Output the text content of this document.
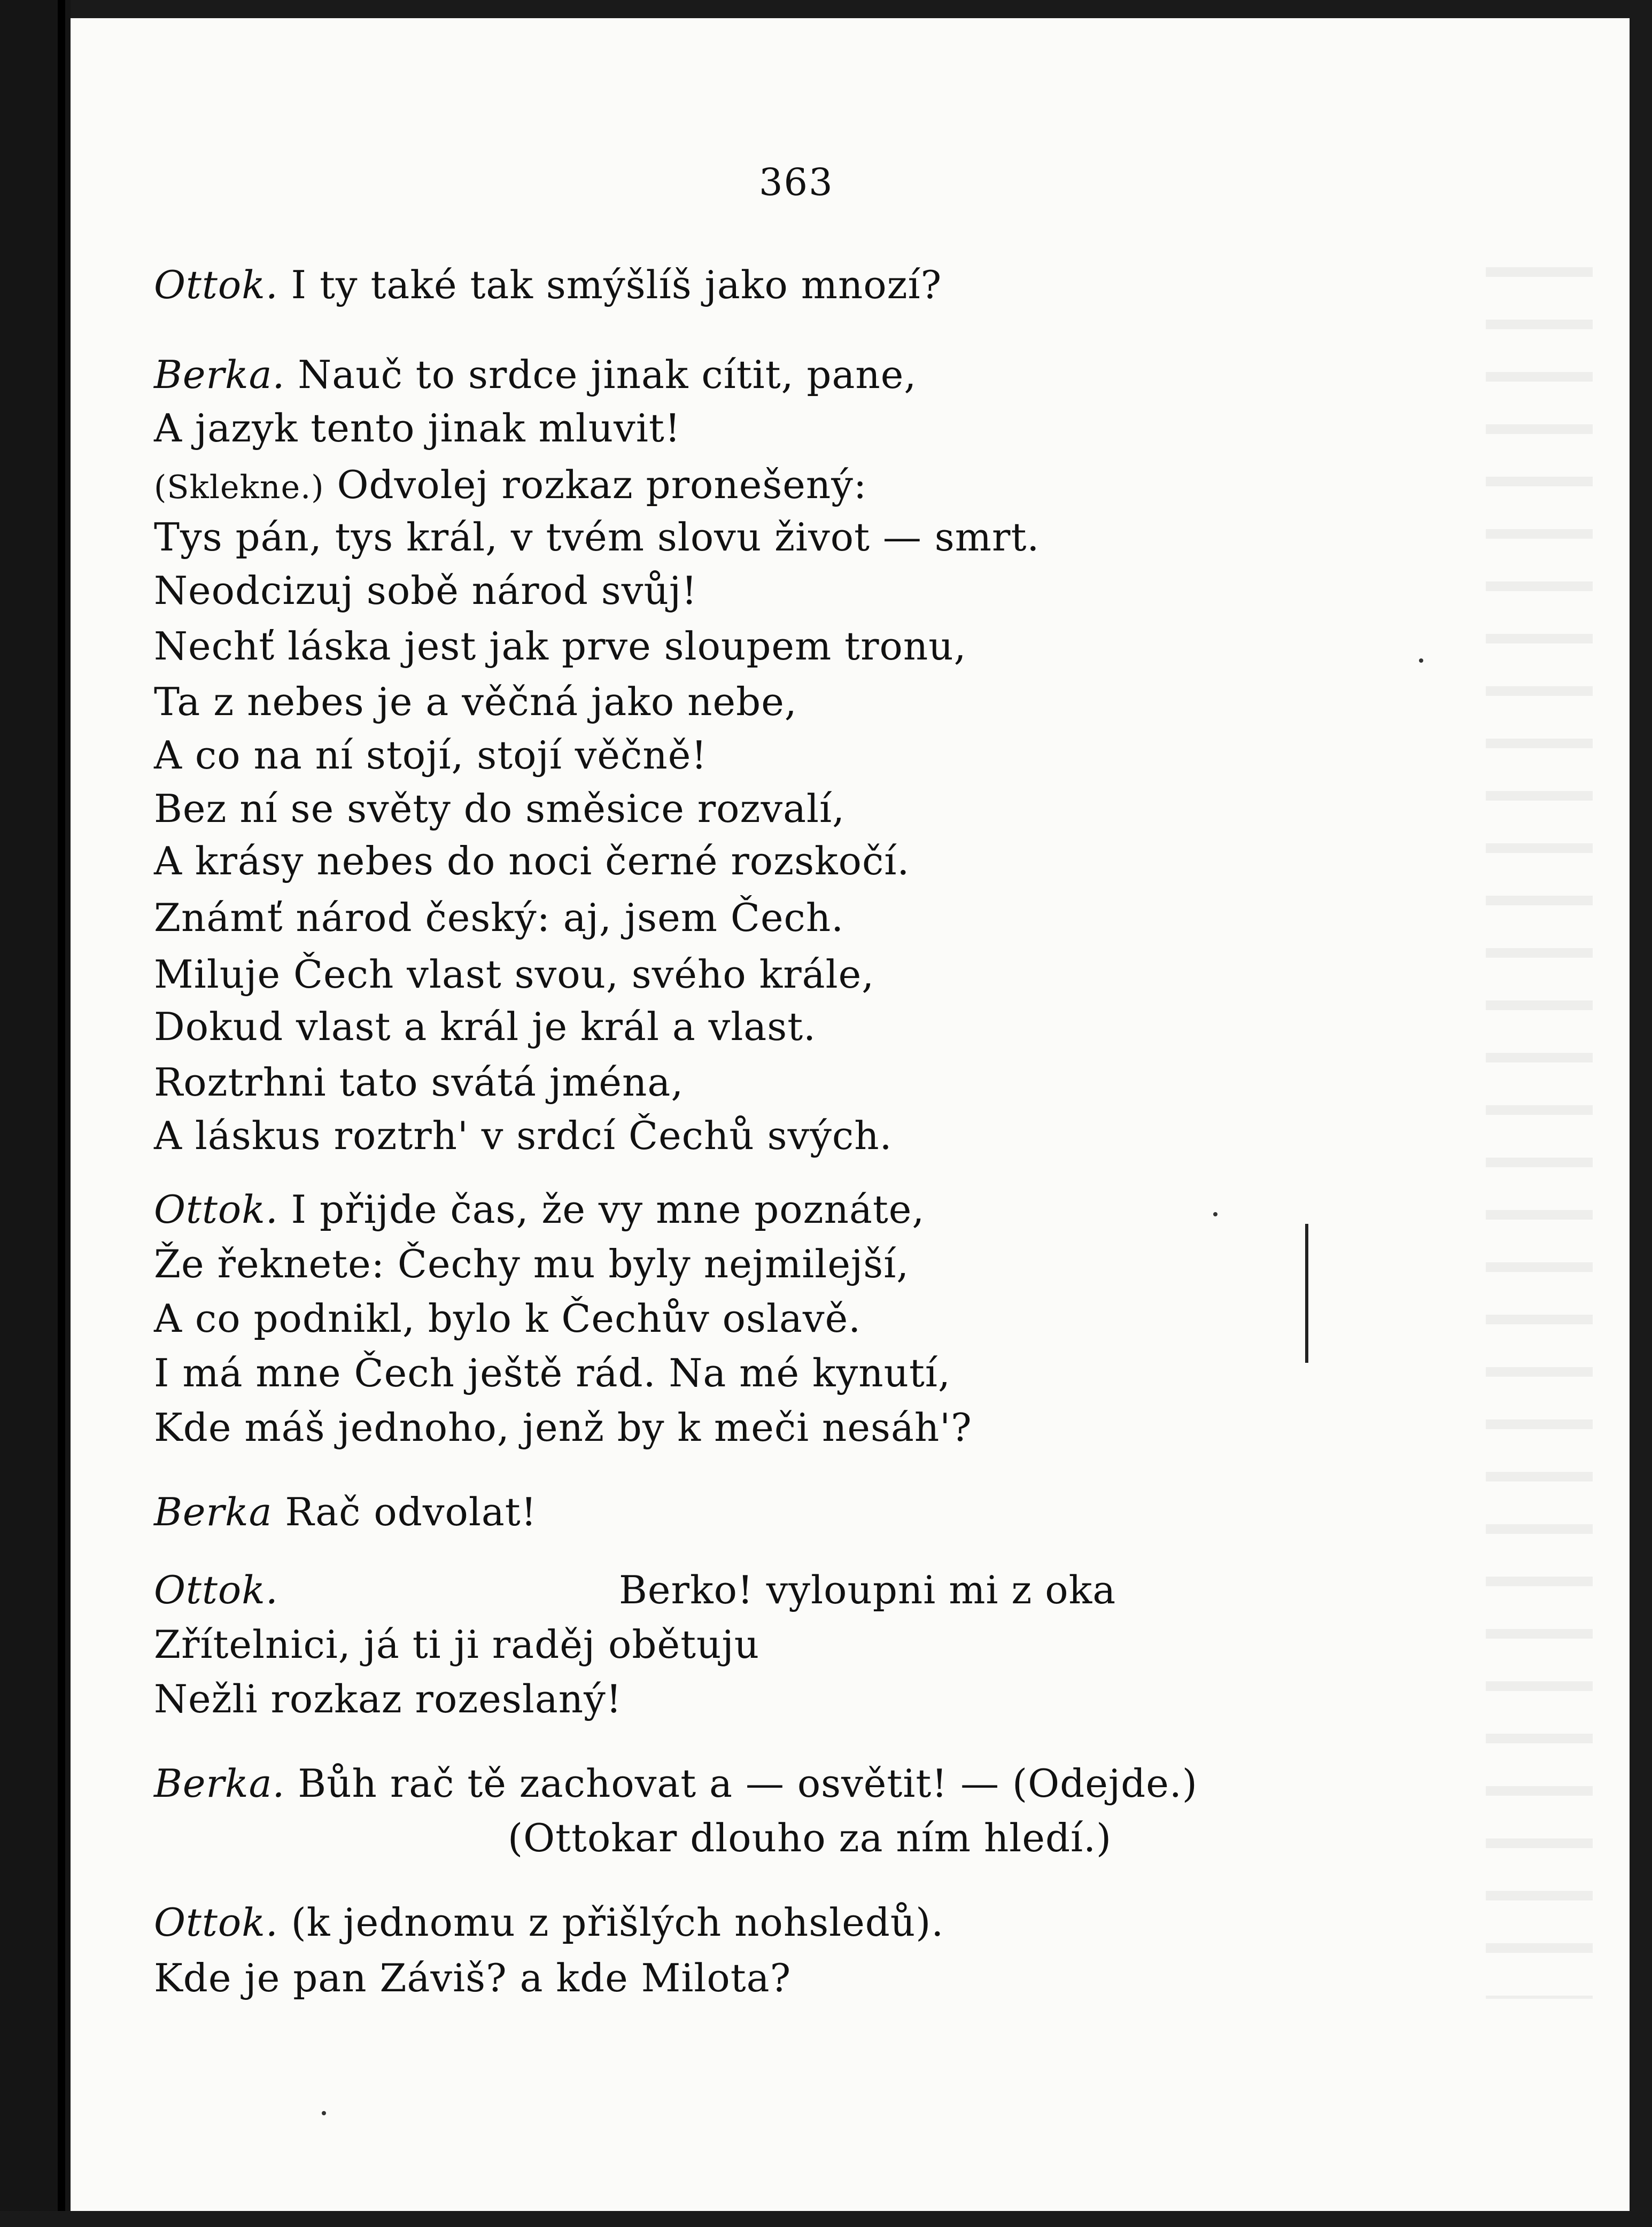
363
Ottok. I ty také tak smýšlíš jako mnozí?
Berka. Nauč to srdce jinak cítit, pane,
A jazyk tento jinak mluvit!
(Sklekne.) Odvolej rozkaz pronešený:
Tys pán, tys král, v tvém slovu život — smrt.
Neodcizuj sobě národ svůj!
Nechť láska jest jak prve sloupem tronu,
Ta z nebes je a věčná jako nebe,
A co na ní stojí, stojí věčně!
Bez ní se světy do směsice rozvalí,
A krásy nebes do noci černé rozskočí.
Známť národ český: aj, jsem Čech.
Miluje Čech vlast svou, svého krále,
Dokud vlast a král je král a vlast.
Roztrhni tato svátá jména,
A láskus roztrh' v srdcí Čechů svých.
Ottok. I přijde čas, že vy mne poznáte,
Že řeknete: Čechy mu byly nejmilejší,
A co podnikl, bylo k Čechův oslavě.
I má mne Čech ještě rád. Na mé kynutí,
Kde máš jednoho, jenž by k meči nesáh'?
Berka Rač odvolat!
Ottok.	Berko! vyloupni mi z oka
Zřítelnici, já ti ji raděj obětuju
Nežli rozkaz rozeslaný!
Berka. Bůh rač tě zachovat a — osvětit! — (Odejde.)
(Ottokar dlouho za ním hledí.)
Ottok. (k jednomu z přišlých nohsledů).
Kde je pan Záviš? a kde Milota?
